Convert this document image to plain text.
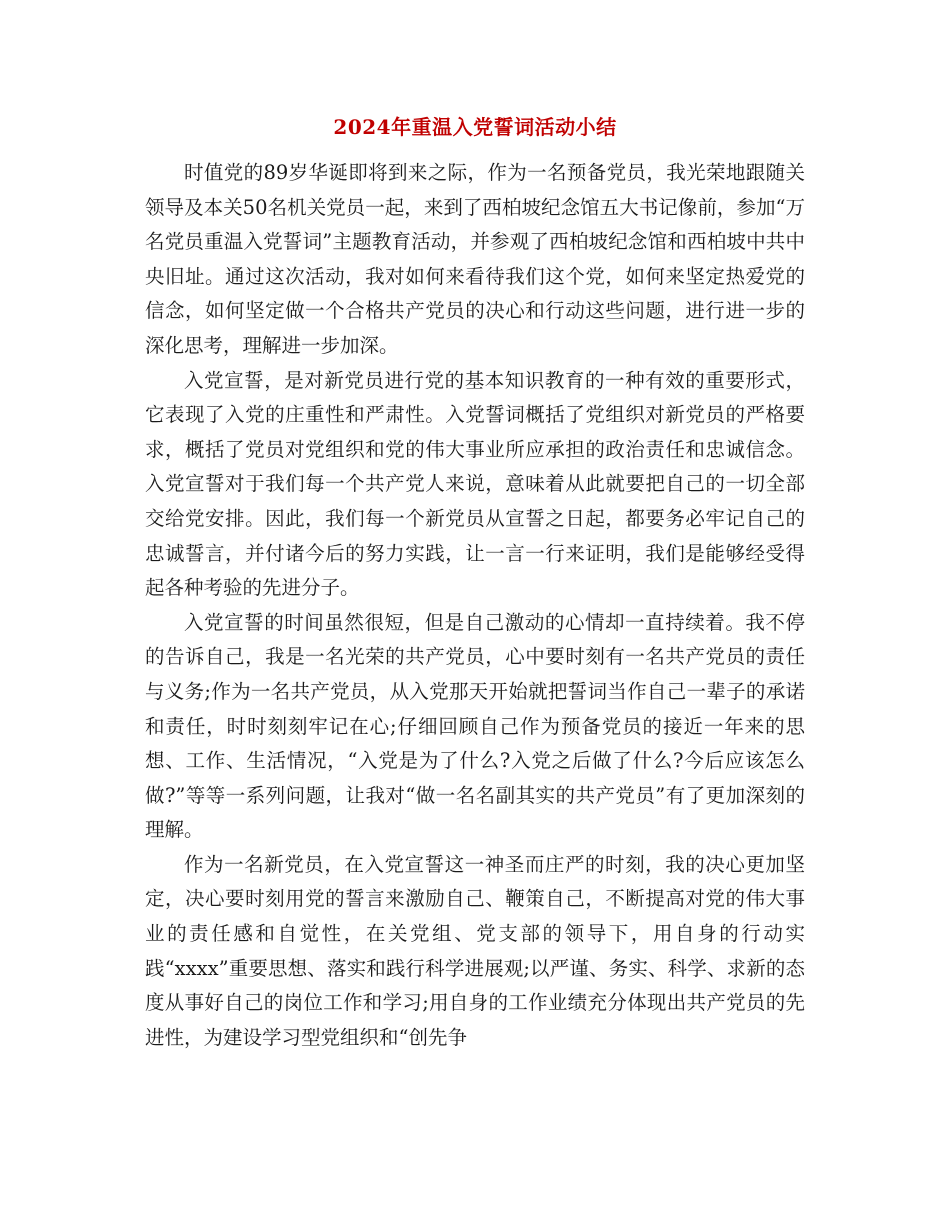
2024年重温入党誓词活动小结

时值党的89岁华诞即将到来之际，作为一名预备党员，我光荣地跟随关领导及本关50名机关党员一起，来到了西柏坡纪念馆五大书记像前，参加“万名党员重温入党誓词”主题教育活动，并参观了西柏坡纪念馆和西柏坡中共中央旧址。通过这次活动，我对如何来看待我们这个党，如何来坚定热爱党的信念，如何坚定做一个合格共产党员的决心和行动这些问题，进行进一步的深化思考，理解进一步加深。

入党宣誓，是对新党员进行党的基本知识教育的一种有效的重要形式，它表现了入党的庄重性和严肃性。入党誓词概括了党组织对新党员的严格要求，概括了党员对党组织和党的伟大事业所应承担的政治责任和忠诚信念。入党宣誓对于我们每一个共产党人来说，意味着从此就要把自己的一切全部交给党安排。因此，我们每一个新党员从宣誓之日起，都要务必牢记自己的忠诚誓言，并付诸今后的努力实践，让一言一行来证明，我们是能够经受得起各种考验的先进分子。

入党宣誓的时间虽然很短，但是自己激动的心情却一直持续着。我不停的告诉自己，我是一名光荣的共产党员，心中要时刻有一名共产党员的责任与义务;作为一名共产党员，从入党那天开始就把誓词当作自己一辈子的承诺和责任，时时刻刻牢记在心;仔细回顾自己作为预备党员的接近一年来的思想、工作、生活情况，“入党是为了什么?入党之后做了什么?今后应该怎么做?”等等一系列问题，让我对“做一名名副其实的共产党员”有了更加深刻的理解。

作为一名新党员，在入党宣誓这一神圣而庄严的时刻，我的决心更加坚定，决心要时刻用党的誓言来激励自己、鞭策自己，不断提高对党的伟大事业的责任感和自觉性，在关党组、党支部的领导下，用自身的行动实践“xxxx”重要思想、落实和践行科学进展观;以严谨、务实、科学、求新的态度从事好自己的岗位工作和学习;用自身的工作业绩充分体现出共产党员的先进性，为建设学习型党组织和“创先争
